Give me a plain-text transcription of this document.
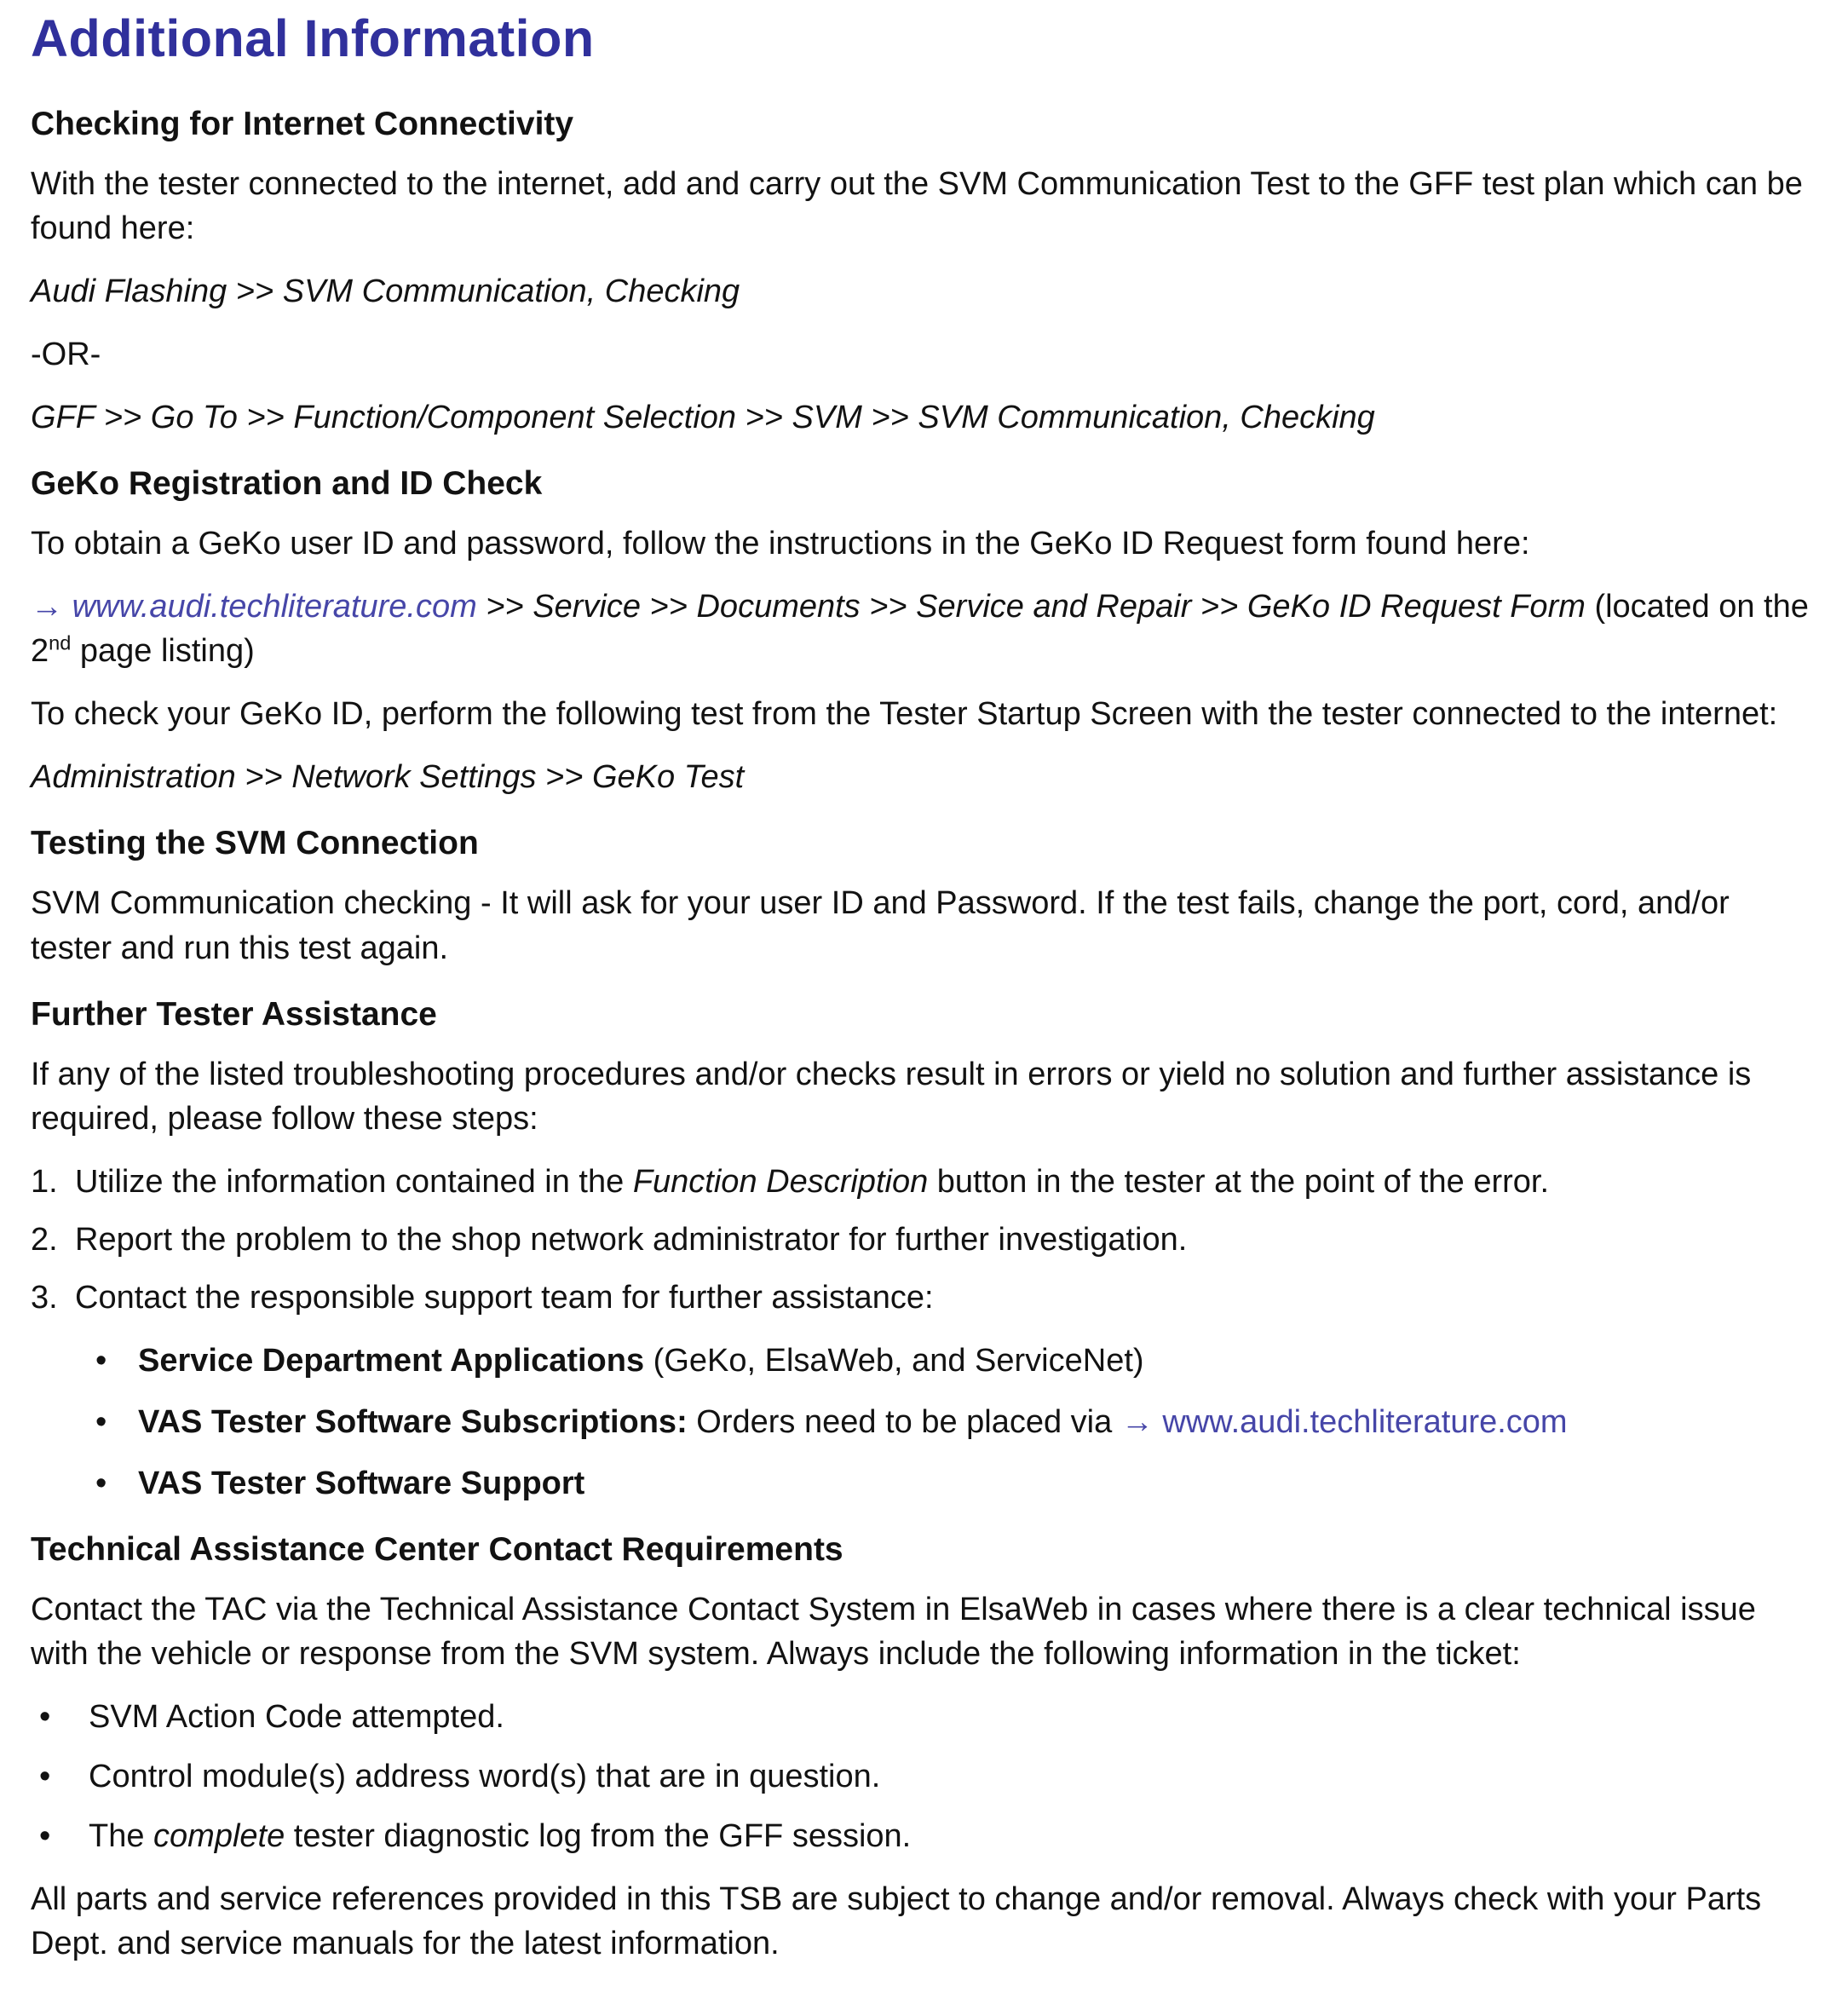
Additional Information
Checking for Internet Connectivity

With the tester connected to the internet, add and carry out the SVM Communication Test to the GFF test plan which can be found here:

Audi Flashing >> SVM Communication, Checking

-OR-

GFF >> Go To >> Function/Component Selection >> SVM >> SVM Communication, Checking

GeKo Registration and ID Check

To obtain a GeKo user ID and password, follow the instructions in the GeKo ID Request form found here:

→ www.audi.techliterature.com >> Service >> Documents >> Service and Repair >> GeKo ID Request Form (located on the 2nd page listing)

To check your GeKo ID, perform the following test from the Tester Startup Screen with the tester connected to the internet:

Administration >> Network Settings >> GeKo Test

Testing the SVM Connection

SVM Communication checking - It will ask for your user ID and Password. If the test fails, change the port, cord, and/or tester and run this test again.

Further Tester Assistance

If any of the listed troubleshooting procedures and/or checks result in errors or yield no solution and further assistance is required, please follow these steps:

1. Utilize the information contained in the Function Description button in the tester at the point of the error.
2. Report the problem to the shop network administrator for further investigation.
3. Contact the responsible support team for further assistance:
•
Service Department Applications (GeKo, ElsaWeb, and ServiceNet)
•
VAS Tester Software Subscriptions: Orders need to be placed via → www.audi.techliterature.com
•
VAS Tester Software Support
Technical Assistance Center Contact Requirements

Contact the TAC via the Technical Assistance Contact System in ElsaWeb in cases where there is a clear technical issue with the vehicle or response from the SVM system. Always include the following information in the ticket:

•
SVM Action Code attempted.
•
Control module(s) address word(s) that are in question.
•
The complete tester diagnostic log from the GFF session.

All parts and service references provided in this TSB are subject to change and/or removal. Always check with your Parts Dept. and service manuals for the latest information.
